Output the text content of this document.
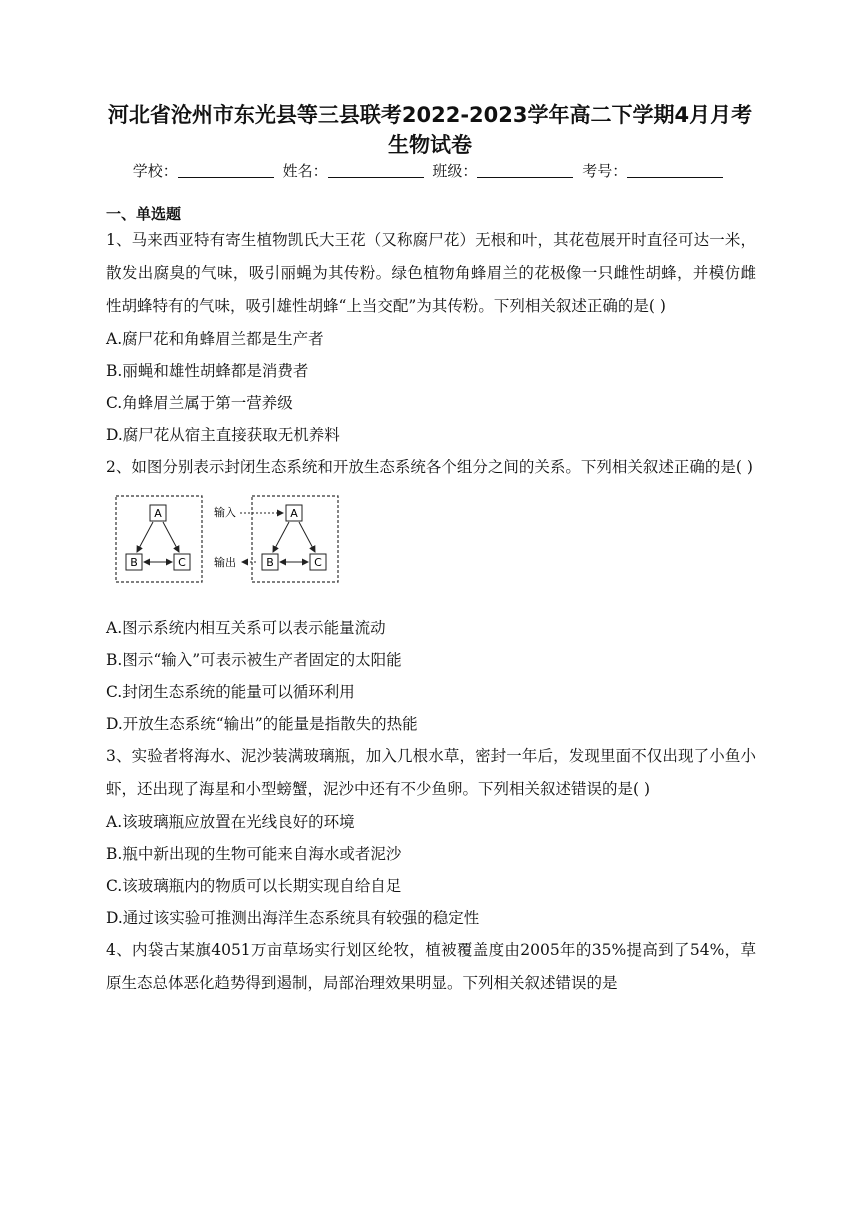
河北省沧州市东光县等三县联考2022-2023学年高二下学期4月月考
生物试卷
学校：	姓名：	班级：	考号：
一、单选题

1、马来西亚特有寄生植物凯氏大王花（又称腐尸花）无根和叶，其花苞展开时直径可达一米，散发出腐臭的气味，吸引丽蝇为其传粉。绿色植物角蜂眉兰的花极像一只雌性胡蜂，并模仿雌性胡蜂特有的气味，吸引雄性胡蜂“上当交配”为其传粉。下列相关叙述正确的是( )

A.腐尸花和角蜂眉兰都是生产者

B.丽蝇和雄性胡蜂都是消费者

C.角蜂眉兰属于第一营养级

D.腐尸花从宿主直接获取无机养料

2、如图分别表示封闭生态系统和开放生态系统各个组分之间的关系。下列相关叙述正确的是( )

A
B	C
输入
输出
A
B	C

A.图示系统内相互关系可以表示能量流动

B.图示“输入”可表示被生产者固定的太阳能

C.封闭生态系统的能量可以循环利用

D.开放生态系统“输出”的能量是指散失的热能

3、实验者将海水、泥沙装满玻璃瓶，加入几根水草，密封一年后，发现里面不仅出现了小鱼小虾，还出现了海星和小型螃蟹，泥沙中还有不少鱼卵。下列相关叙述错误的是( )

A.该玻璃瓶应放置在光线良好的环境

B.瓶中新出现的生物可能来自海水或者泥沙

C.该玻璃瓶内的物质可以长期实现自给自足

D.通过该实验可推测出海洋生态系统具有较强的稳定性

4、内袋古某旗4051万亩草场实行划区纶牧，植被覆盖度由2005年的35%提高到了54%，草原生态总体恶化趋势得到遏制，局部治理效果明显。下列相关叙述错误的是
